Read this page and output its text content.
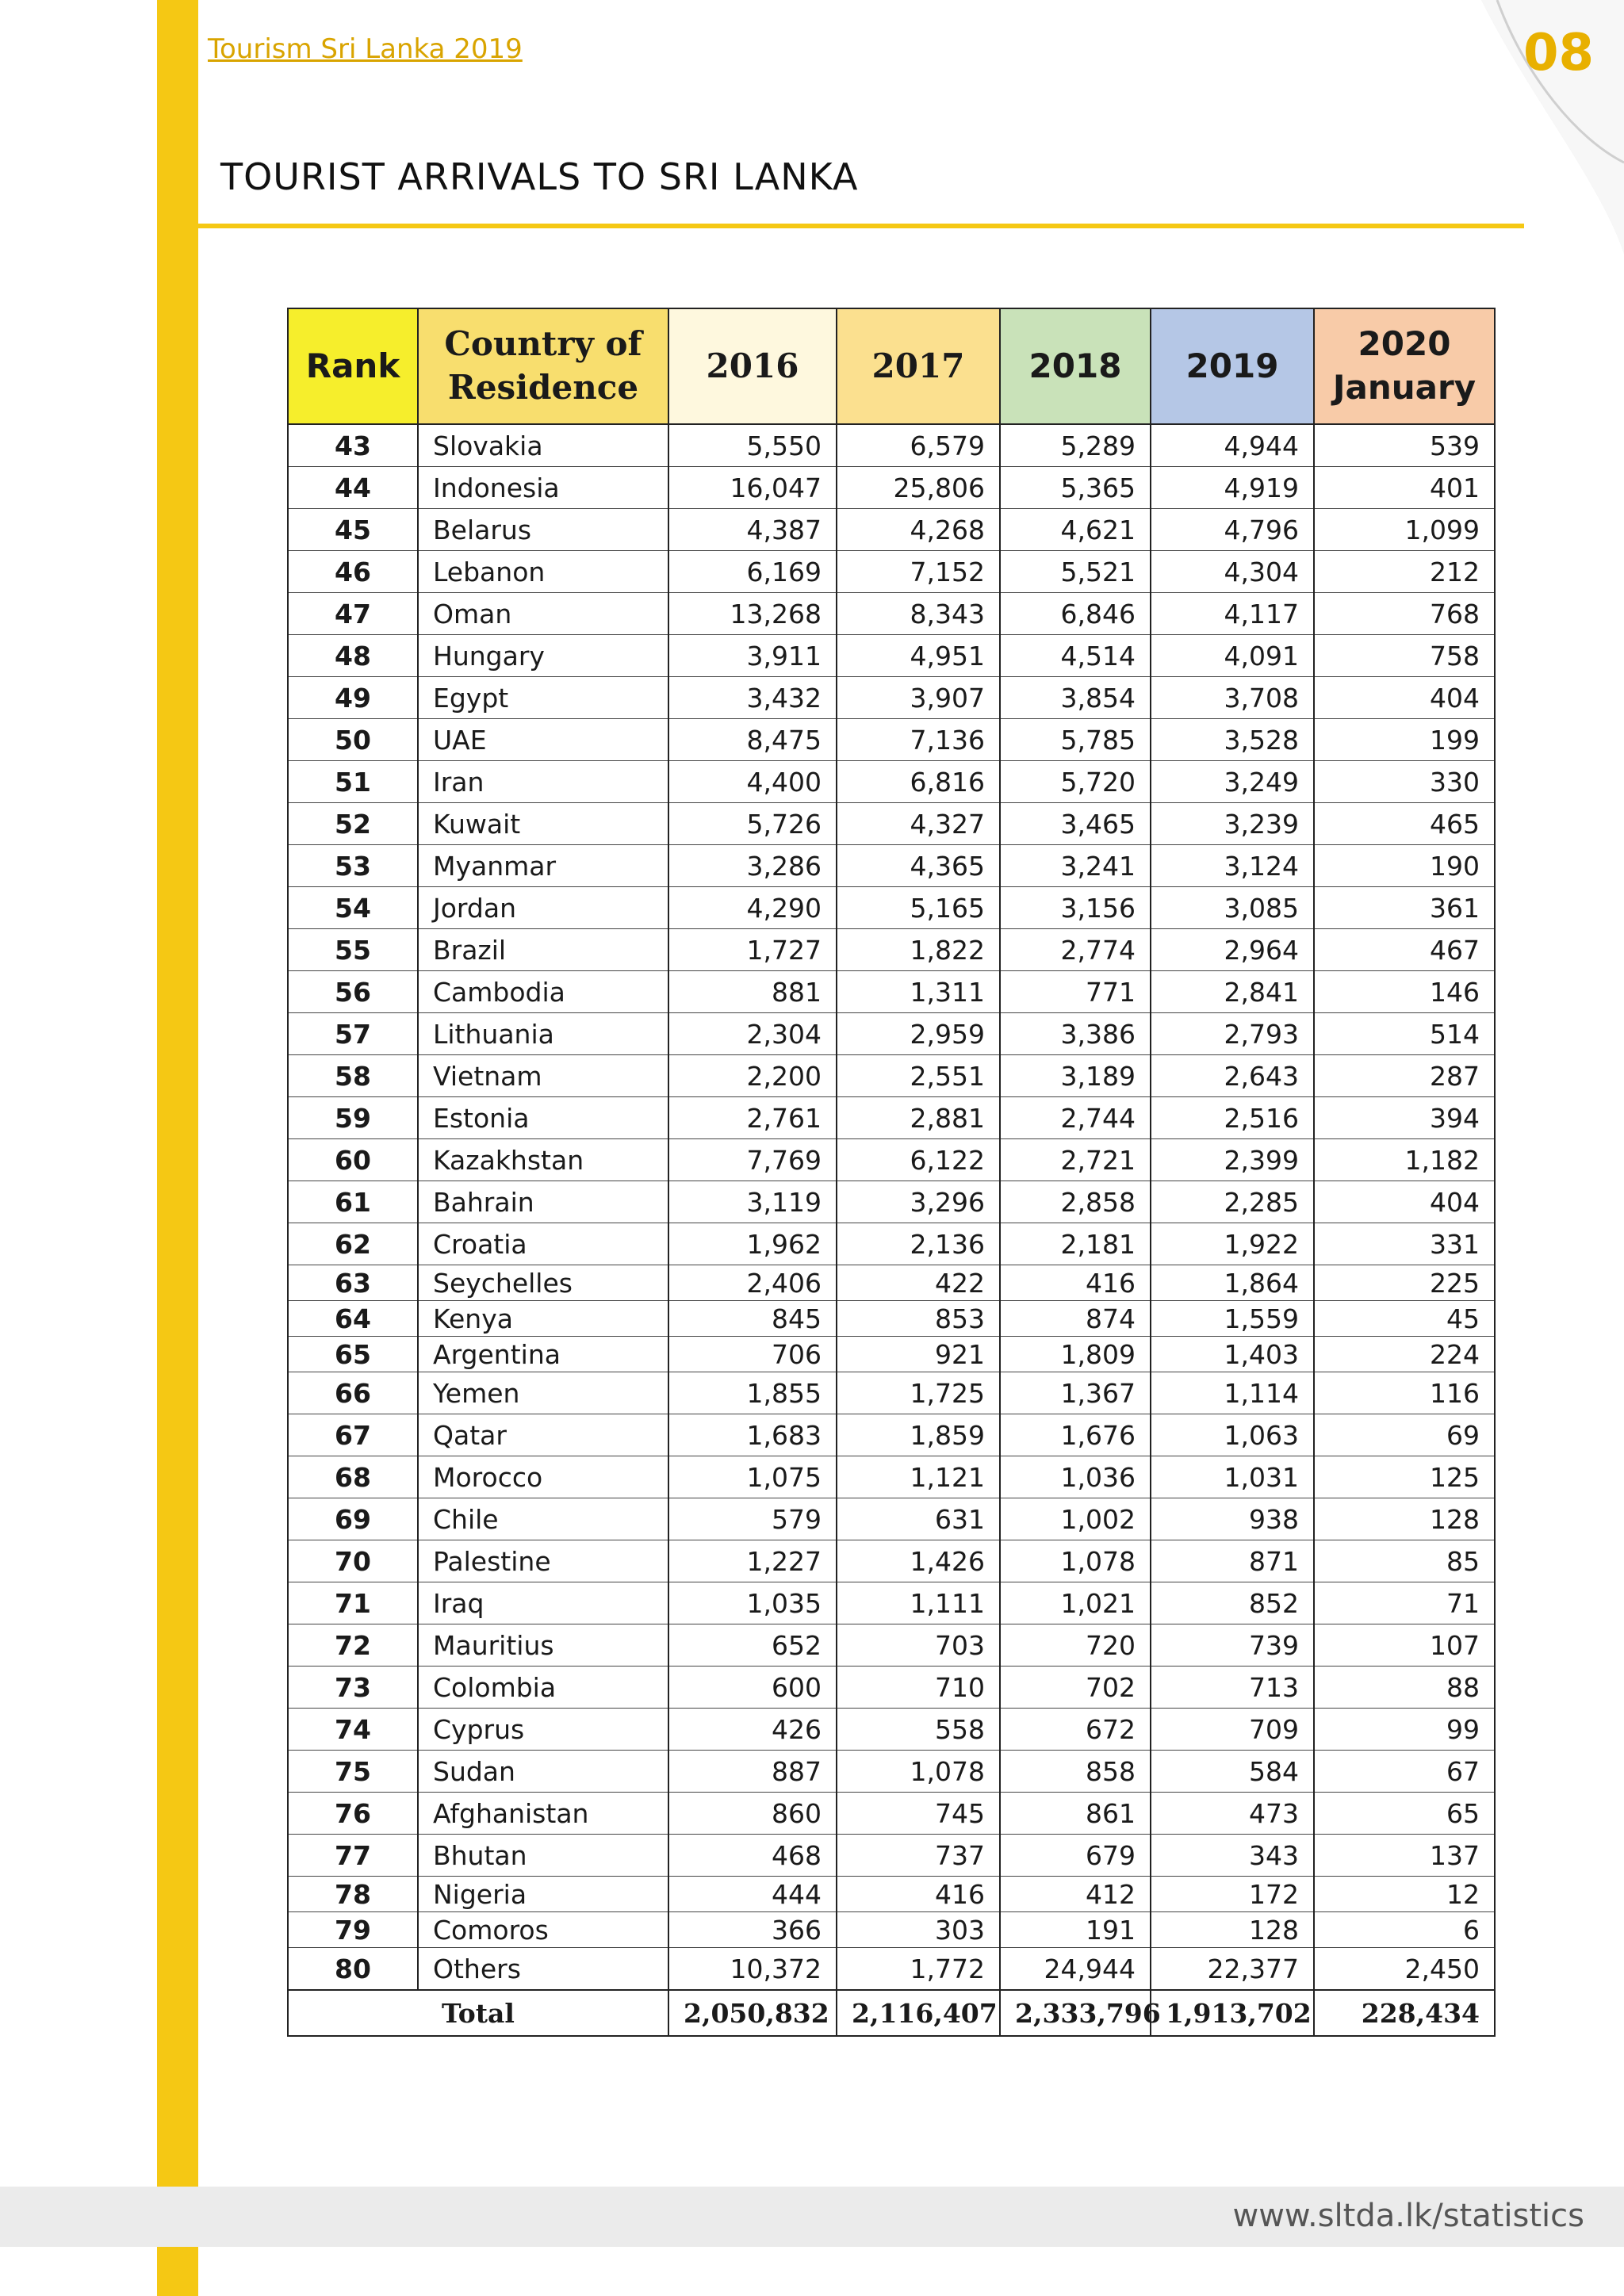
Tourism Sri Lanka 2019	08
TOURIST ARRIVALS TO SRI LANKA
Rank	Country of Residence	2016	2017	2018	2019	2020 January
43	Slovakia	5,550	6,579	5,289	4,944	539
44	Indonesia	16,047	25,806	5,365	4,919	401
45	Belarus	4,387	4,268	4,621	4,796	1,099
46	Lebanon	6,169	7,152	5,521	4,304	212
47	Oman	13,268	8,343	6,846	4,117	768
48	Hungary	3,911	4,951	4,514	4,091	758
49	Egypt	3,432	3,907	3,854	3,708	404
50	UAE	8,475	7,136	5,785	3,528	199
51	Iran	4,400	6,816	5,720	3,249	330
52	Kuwait	5,726	4,327	3,465	3,239	465
53	Myanmar	3,286	4,365	3,241	3,124	190
54	Jordan	4,290	5,165	3,156	3,085	361
55	Brazil	1,727	1,822	2,774	2,964	467
56	Cambodia	881	1,311	771	2,841	146
57	Lithuania	2,304	2,959	3,386	2,793	514
58	Vietnam	2,200	2,551	3,189	2,643	287
59	Estonia	2,761	2,881	2,744	2,516	394
60	Kazakhstan	7,769	6,122	2,721	2,399	1,182
61	Bahrain	3,119	3,296	2,858	2,285	404
62	Croatia	1,962	2,136	2,181	1,922	331
63	Seychelles	2,406	422	416	1,864	225
64	Kenya	845	853	874	1,559	45
65	Argentina	706	921	1,809	1,403	224
66	Yemen	1,855	1,725	1,367	1,114	116
67	Qatar	1,683	1,859	1,676	1,063	69
68	Morocco	1,075	1,121	1,036	1,031	125
69	Chile	579	631	1,002	938	128
70	Palestine	1,227	1,426	1,078	871	85
71	Iraq	1,035	1,111	1,021	852	71
72	Mauritius	652	703	720	739	107
73	Colombia	600	710	702	713	88
74	Cyprus	426	558	672	709	99
75	Sudan	887	1,078	858	584	67
76	Afghanistan	860	745	861	473	65
77	Bhutan	468	737	679	343	137
78	Nigeria	444	416	412	172	12
79	Comoros	366	303	191	128	6
80	Others	10,372	1,772	24,944	22,377	2,450
Total		2,050,832	2,116,407	2,333,796	1,913,702	228,434
www.sltda.lk/statistics
